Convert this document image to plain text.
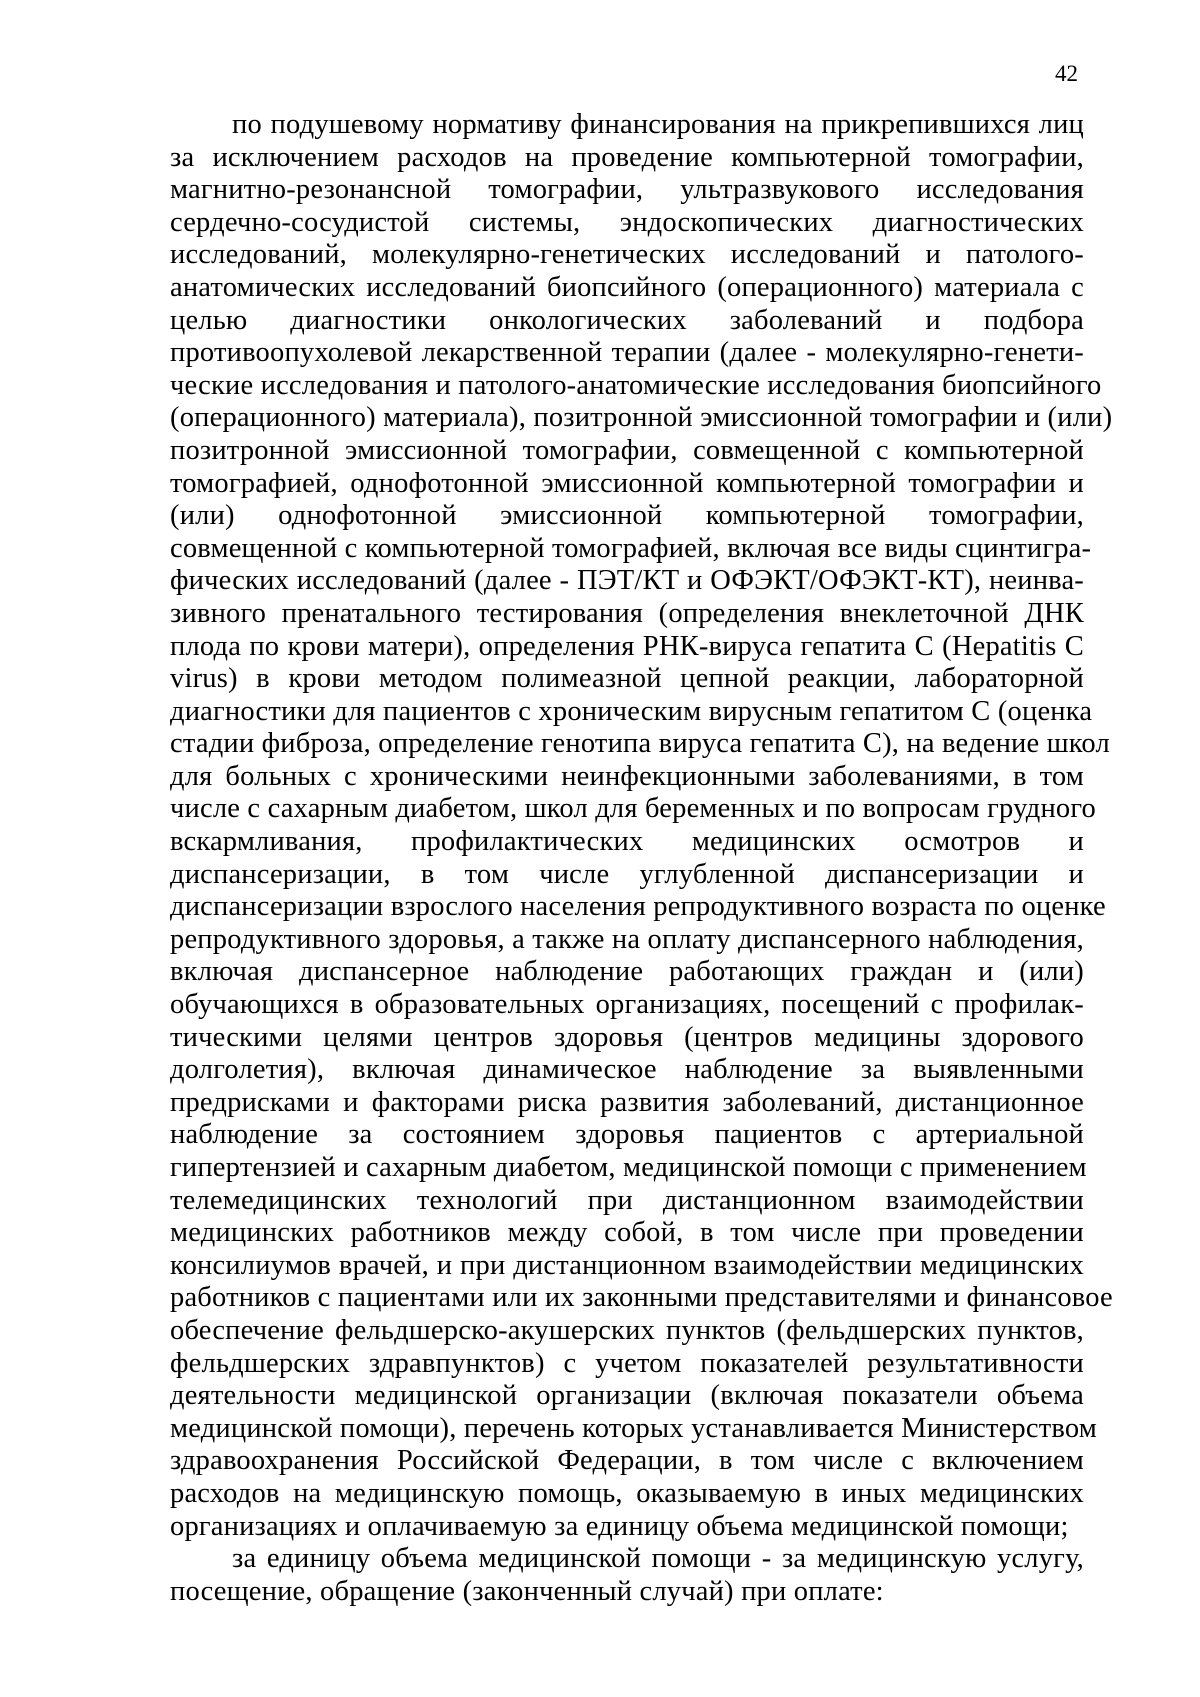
42
по подушевому нормативу финансирования на прикрепившихся лиц
за исключением расходов на проведение компьютерной томографии,
магнитно-резонансной томографии, ультразвукового исследования
сердечно-сосудистой системы, эндоскопических диагностических
исследований, молекулярно-генетических исследований и патолого-
анатомических исследований биопсийного (операционного) материала с
целью диагностики онкологических заболеваний и подбора
противоопухолевой лекарственной терапии (далее - молекулярно-генети-
ческие исследования и патолого-анатомические исследования биопсийного
(операционного) материала), позитронной эмиссионной томографии и (или)
позитронной эмиссионной томографии, совмещенной с компьютерной
томографией, однофотонной эмиссионной компьютерной томографии и
(или) однофотонной эмиссионной компьютерной томографии,
совмещенной с компьютерной томографией, включая все виды сцинтигра-
фических исследований (далее - ПЭТ/КТ и ОФЭКТ/ОФЭКТ-КТ), неинва-
зивного пренатального тестирования (определения внеклеточной ДНК
плода по крови матери), определения РНК-вируса гепатита C (Hepatitis C
virus) в крови методом полимеазной цепной реакции, лабораторной
диагностики для пациентов с хроническим вирусным гепатитом C (оценка
стадии фиброза, определение генотипа вируса гепатита C), на ведение школ
для больных с хроническими неинфекционными заболеваниями, в том
числе с сахарным диабетом, школ для беременных и по вопросам грудного
вскармливания, профилактических медицинских осмотров и
диспансеризации, в том числе углубленной диспансеризации и
диспансеризации взрослого населения репродуктивного возраста по оценке
репродуктивного здоровья, а также на оплату диспансерного наблюдения,
включая диспансерное наблюдение работающих граждан и (или)
обучающихся в образовательных организациях, посещений с профилак-
тическими целями центров здоровья (центров медицины здорового
долголетия), включая динамическое наблюдение за выявленными
предрисками и факторами риска развития заболеваний, дистанционное
наблюдение за состоянием здоровья пациентов с артериальной
гипертензией и сахарным диабетом, медицинской помощи с применением
телемедицинских технологий при дистанционном взаимодействии
медицинских работников между собой, в том числе при проведении
консилиумов врачей, и при дистанционном взаимодействии медицинских
работников с пациентами или их законными представителями и финансовое
обеспечение фельдшерско-акушерских пунктов (фельдшерских пунктов,
фельдшерских здравпунктов) с учетом показателей результативности
деятельности медицинской организации (включая показатели объема
медицинской помощи), перечень которых устанавливается Министерством
здравоохранения Российской Федерации, в том числе с включением
расходов на медицинскую помощь, оказываемую в иных медицинских
организациях и оплачиваемую за единицу объема медицинской помощи;
за единицу объема медицинской помощи - за медицинскую услугу,
посещение, обращение (законченный случай) при оплате:
